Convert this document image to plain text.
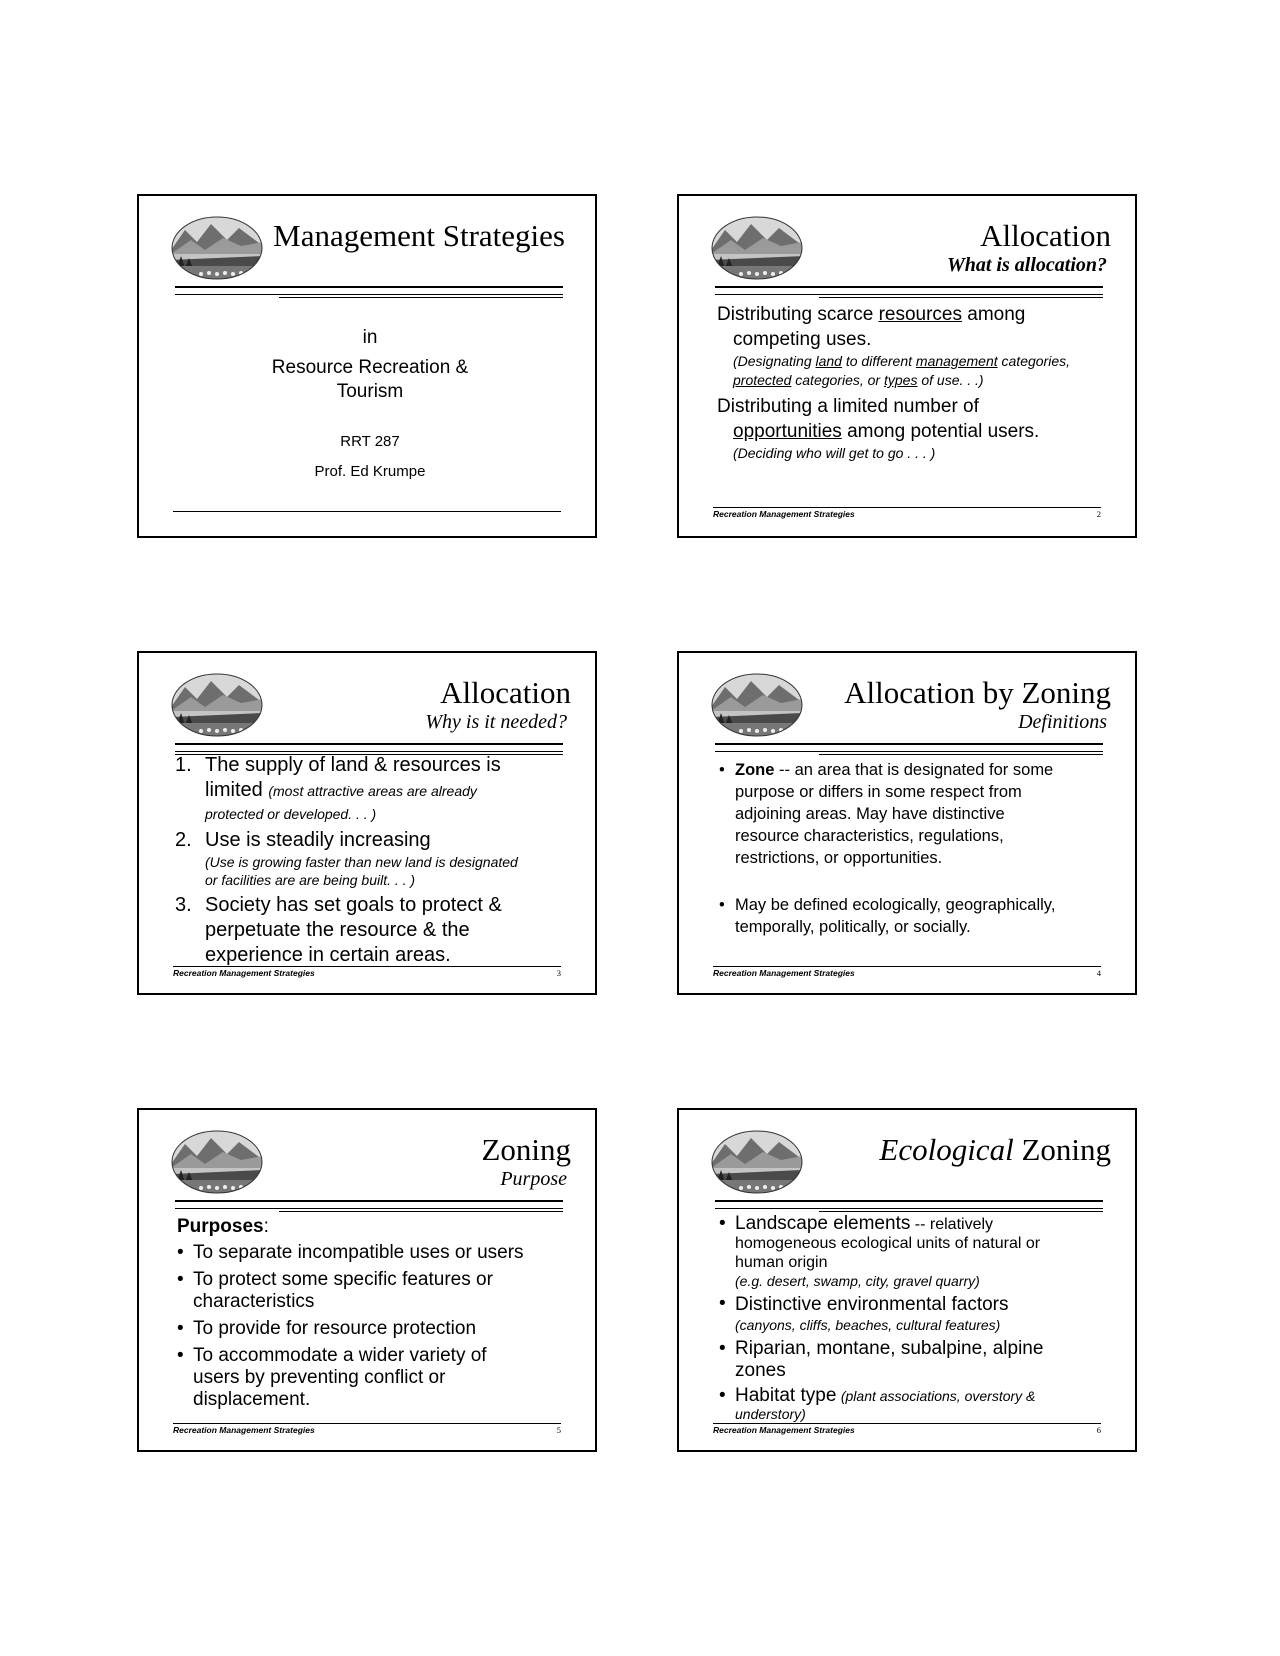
Management Strategies
in
Resource Recreation &
Tourism
RRT 287
Prof. Ed Krumpe
Allocation
What is allocation?
Distributing scarce resources among
competing uses.
(Designating land to different management categories,
protected categories, or types of use. . .)
Distributing a limited number of
opportunities among potential users.
(Deciding who will get to go . . . )
Recreation Management Strategies	2
Allocation
Why is it needed?
1. The supply of land & resources is
limited (most attractive areas are already
protected or developed. . . )
2. Use is steadily increasing
(Use is growing faster than new land is designated
or facilities are are being built. . . )
3. Society has set goals to protect &
perpetuate the resource & the
experience in certain areas.
Recreation Management Strategies	3
Allocation by Zoning
Definitions
• Zone -- an area that is designated for some
purpose or differs in some respect from
adjoining areas. May have distinctive
resource characteristics, regulations,
restrictions, or opportunities.
• May be defined ecologically, geographically,
temporally, politically, or socially.
Recreation Management Strategies	4
Zoning
Purpose
Purposes:
• To separate incompatible uses or users
• To protect some specific features or
characteristics
• To provide for resource protection
• To accommodate a wider variety of
users by preventing conflict or
displacement.
Recreation Management Strategies	5
Ecological Zoning
• Landscape elements -- relatively
homogeneous ecological units of natural or
human origin
(e.g. desert, swamp, city, gravel quarry)
• Distinctive environmental factors
(canyons, cliffs, beaches, cultural features)
• Riparian, montane, subalpine, alpine
zones
• Habitat type (plant associations, overstory &
understory)
Recreation Management Strategies	6
